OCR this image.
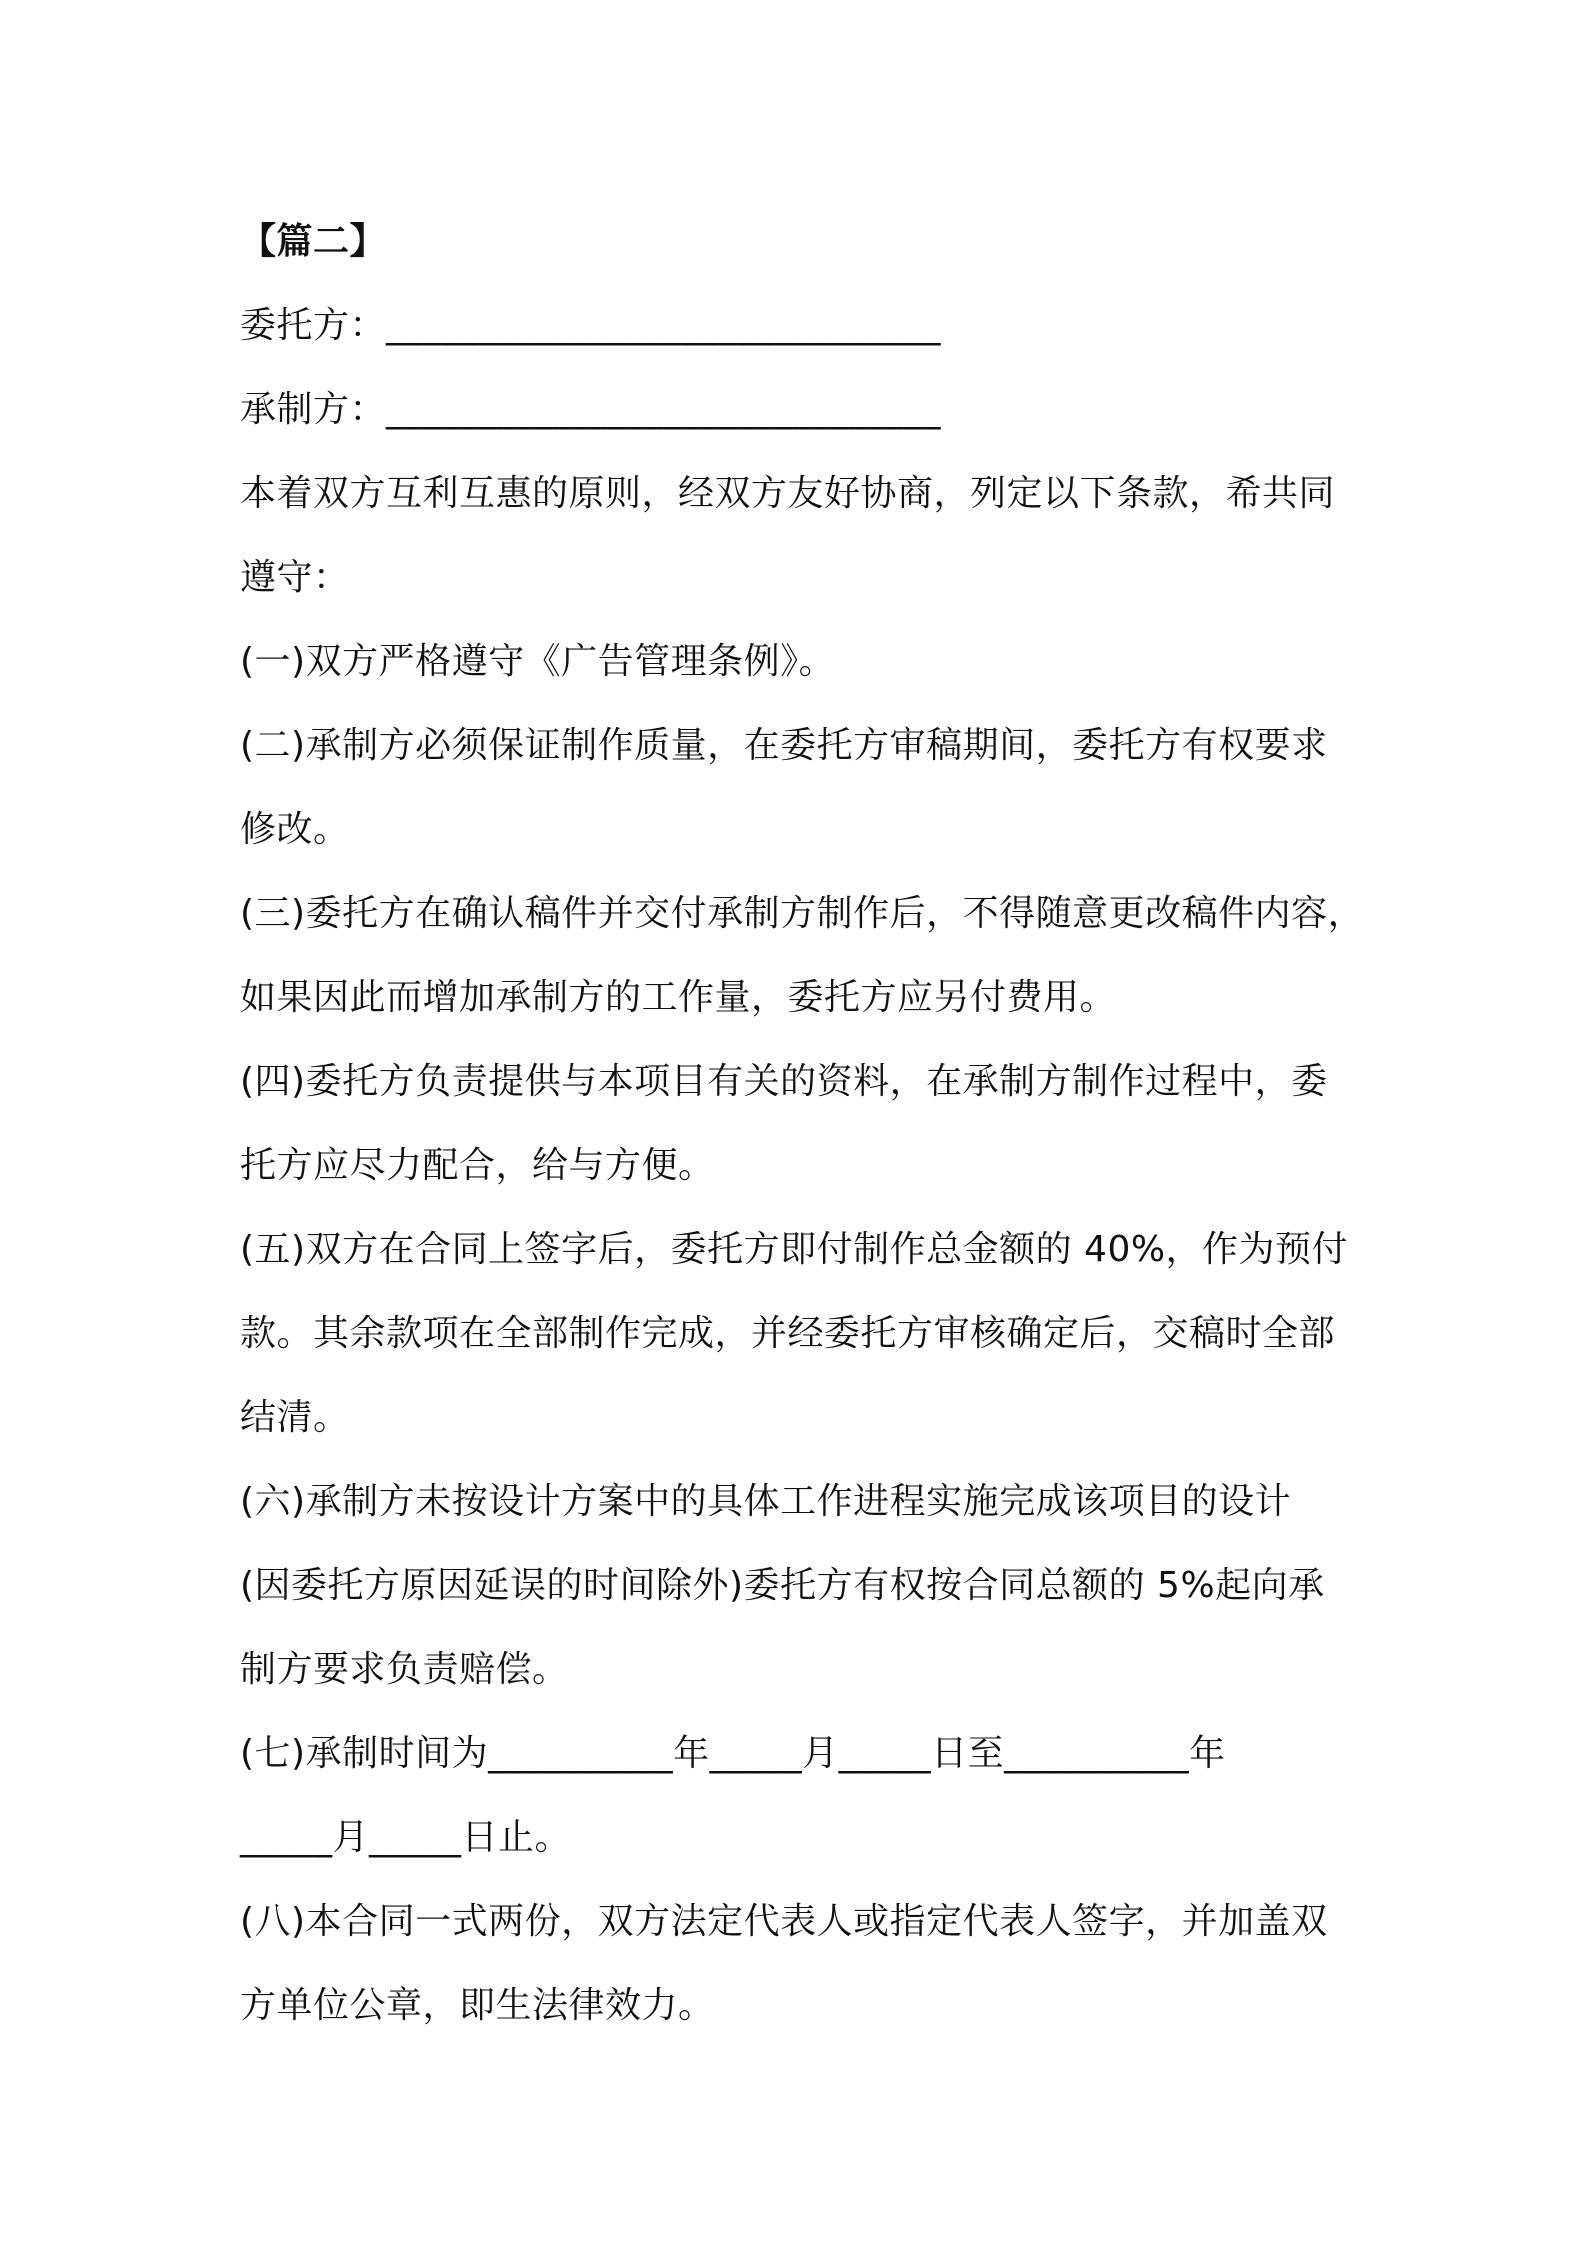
【篇二】
委托方：______________________________
承制方：______________________________
本着双方互利互惠的原则，经双方友好协商，列定以下条款，希共同
遵守：
(一)双方严格遵守《广告管理条例》。
(二)承制方必须保证制作质量，在委托方审稿期间，委托方有权要求
修改。
(三)委托方在确认稿件并交付承制方制作后，不得随意更改稿件内容，
如果因此而增加承制方的工作量，委托方应另付费用。
(四)委托方负责提供与本项目有关的资料，在承制方制作过程中，委
托方应尽力配合，给与方便。
(五)双方在合同上签字后，委托方即付制作总金额的 40%，作为预付
款。其余款项在全部制作完成，并经委托方审核确定后，交稿时全部
结清。
(六)承制方未按设计方案中的具体工作进程实施完成该项目的设计
(因委托方原因延误的时间除外)委托方有权按合同总额的 5%起向承
制方要求负责赔偿。
(七)承制时间为__________年_____月_____日至__________年
_____月_____日止。
(八)本合同一式两份，双方法定代表人或指定代表人签字，并加盖双
方单位公章，即生法律效力。
